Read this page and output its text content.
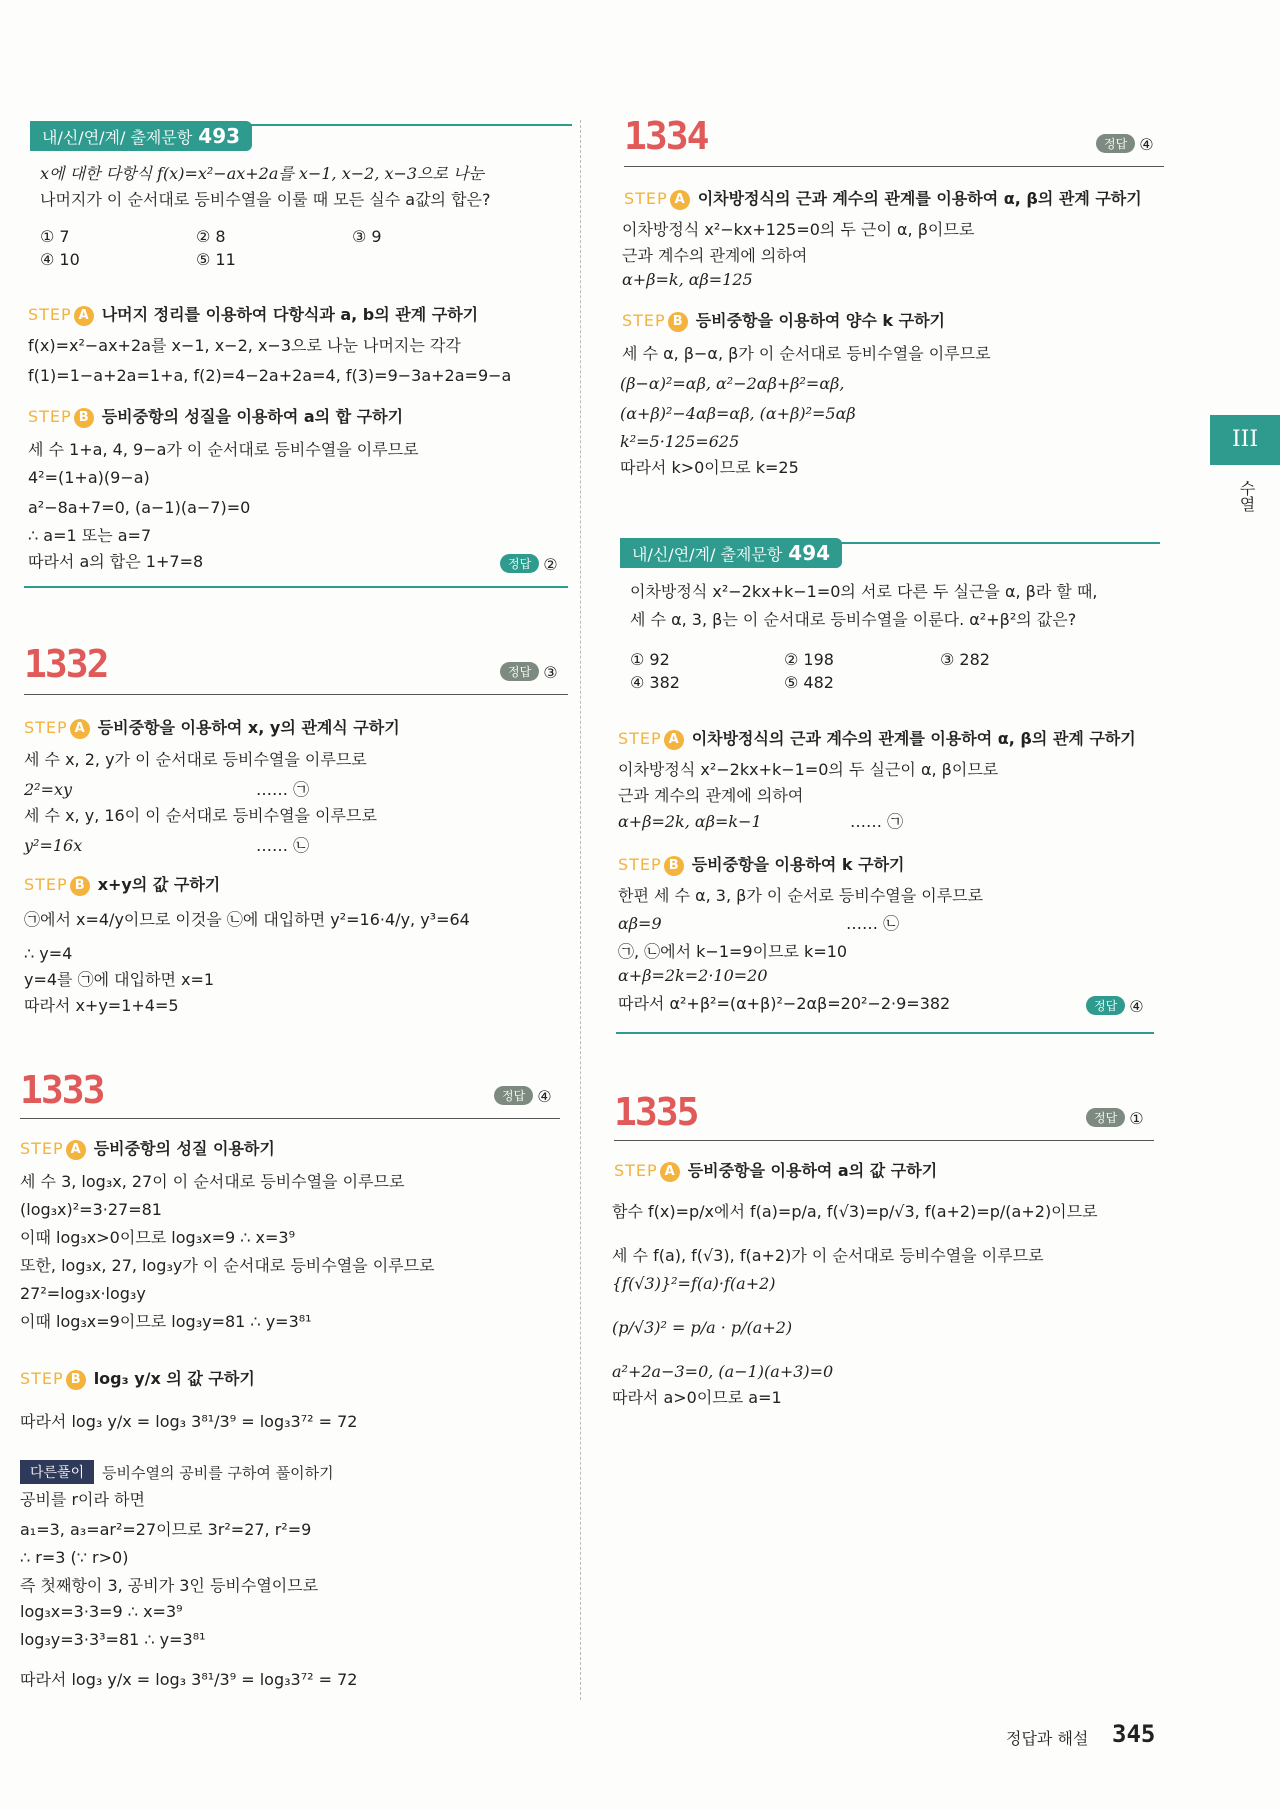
내/신/연/계/ 출제문항 493
x에 대한 다항식 f(x)=x²−ax+2a를 x−1, x−2, x−3으로 나눈
나머지가 이 순서대로 등비수열을 이룰 때 모든 실수 a값의 합은?
① 7	② 8	③ 9
④ 10	⑤ 11
STEP A 나머지 정리를 이용하여 다항식과 a, b의 관계 구하기
f(x)=x²−ax+2a를 x−1, x−2, x−3으로 나눈 나머지는 각각
f(1)=1−a+2a=1+a, f(2)=4−2a+2a=4, f(3)=9−3a+2a=9−a
STEP B 등비중항의 성질을 이용하여 a의 합 구하기
세 수 1+a, 4, 9−a가 이 순서대로 등비수열을 이루므로
4²=(1+a)(9−a)
a²−8a+7=0, (a−1)(a−7)=0
∴ a=1 또는 a=7
따라서 a의 합은 1+7=8	정답 ②
1332	정답 ③
STEP A 등비중항을 이용하여 x, y의 관계식 구하기
세 수 x, 2, y가 이 순서대로 등비수열을 이루므로
2²=xy	…… ㉠
세 수 x, y, 16이 이 순서대로 등비수열을 이루므로
y²=16x	…… ㉡
STEP B x+y의 값 구하기
㉠에서 x=4/y이므로 이것을 ㉡에 대입하면 y²=16·4/y, y³=64
∴ y=4
y=4를 ㉠에 대입하면 x=1
따라서 x+y=1+4=5
1333	정답 ④
STEP A 등비중항의 성질 이용하기
세 수 3, log₃x, 27이 이 순서대로 등비수열을 이루므로
(log₃x)²=3·27=81
이때 log₃x>0이므로 log₃x=9 ∴ x=3⁹
또한, log₃x, 27, log₃y가 이 순서대로 등비수열을 이루므로
27²=log₃x·log₃y
이때 log₃x=9이므로 log₃y=81 ∴ y=3⁸¹
STEP B log₃ y/x 의 값 구하기
따라서 log₃ y/x = log₃ 3⁸¹/3⁹ = log₃3⁷² = 72
다른풀이	등비수열의 공비를 구하여 풀이하기
공비를 r이라 하면
a₁=3, a₃=ar²=27이므로 3r²=27, r²=9
∴ r=3 (∵ r>0)
즉 첫째항이 3, 공비가 3인 등비수열이므로
log₃x=3·3=9 ∴ x=3⁹
log₃y=3·3³=81 ∴ y=3⁸¹
따라서 log₃ y/x = log₃ 3⁸¹/3⁹ = log₃3⁷² = 72
1334	정답 ④
STEP A 이차방정식의 근과 계수의 관계를 이용하여 α, β의 관계 구하기
이차방정식 x²−kx+125=0의 두 근이 α, β이므로
근과 계수의 관계에 의하여
α+β=k, αβ=125
STEP B 등비중항을 이용하여 양수 k 구하기
세 수 α, β−α, β가 이 순서대로 등비수열을 이루므로
(β−α)²=αβ, α²−2αβ+β²=αβ,
(α+β)²−4αβ=αβ, (α+β)²=5αβ
k²=5·125=625
따라서 k>0이므로 k=25
내/신/연/계/ 출제문항 494
이차방정식 x²−2kx+k−1=0의 서로 다른 두 실근을 α, β라 할 때,
세 수 α, 3, β는 이 순서대로 등비수열을 이룬다. α²+β²의 값은?
① 92	② 198	③ 282
④ 382	⑤ 482
STEP A 이차방정식의 근과 계수의 관계를 이용하여 α, β의 관계 구하기
이차방정식 x²−2kx+k−1=0의 두 실근이 α, β이므로
근과 계수의 관계에 의하여
α+β=2k, αβ=k−1	…… ㉠
STEP B 등비중항을 이용하여 k 구하기
한편 세 수 α, 3, β가 이 순서로 등비수열을 이루므로
αβ=9	…… ㉡
㉠, ㉡에서 k−1=9이므로 k=10
α+β=2k=2·10=20
따라서 α²+β²=(α+β)²−2αβ=20²−2·9=382	정답 ④
1335	정답 ①
STEP A 등비중항을 이용하여 a의 값 구하기
함수 f(x)=p/x에서 f(a)=p/a, f(√3)=p/√3, f(a+2)=p/(a+2)이므로
세 수 f(a), f(√3), f(a+2)가 이 순서대로 등비수열을 이루므로
{f(√3)}²=f(a)·f(a+2)
(p/√3)² = p/a · p/(a+2)
a²+2a−3=0, (a−1)(a+3)=0
따라서 a>0이므로 a=1
III
수열
정답과 해설 345
